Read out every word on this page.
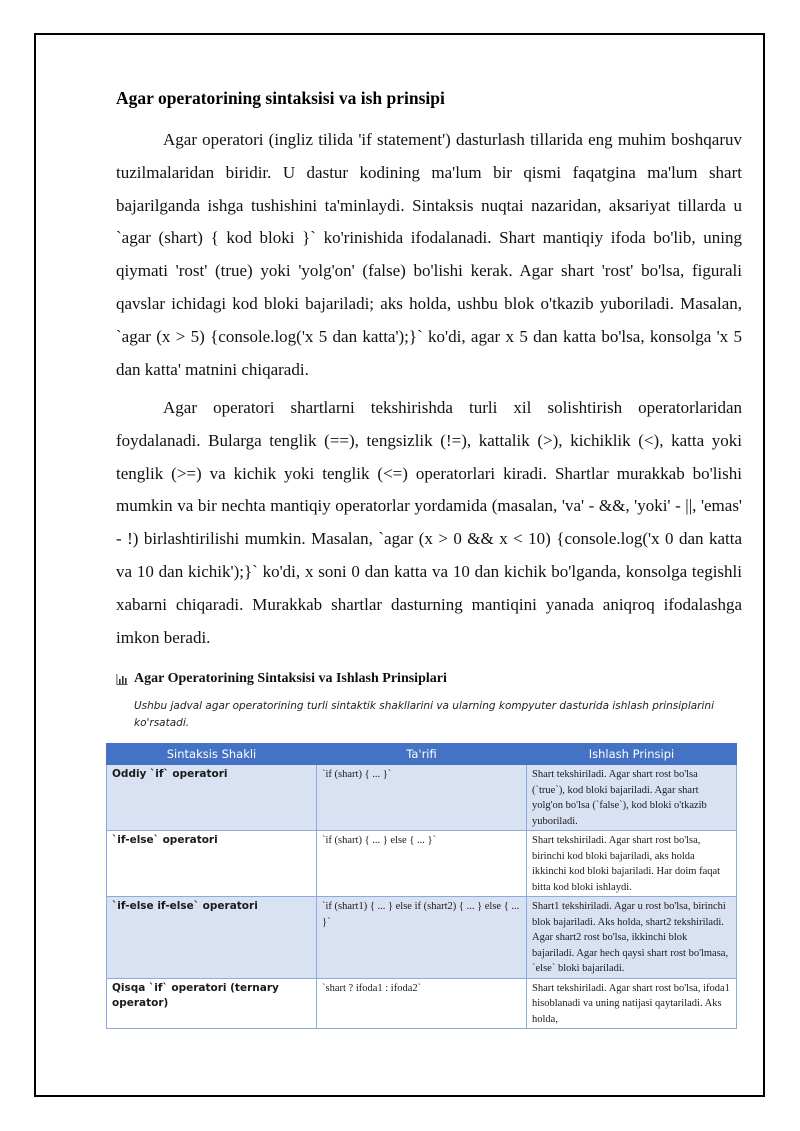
Agar operatorining sintaksisi va ish prinsipi

Agar operatori (ingliz tilida 'if statement') dasturlash tillarida eng muhim boshqaruv tuzilmalaridan biridir. U dastur kodining ma'lum bir qismi faqatgina ma'lum shart bajarilganda ishga tushishini ta'minlaydi. Sintaksis nuqtai nazaridan, aksariyat tillarda u `agar (shart) { kod bloki }` ko'rinishida ifodalanadi. Shart mantiqiy ifoda bo'lib, uning qiymati 'rost' (true) yoki 'yolg'on' (false) bo'lishi kerak. Agar shart 'rost' bo'lsa, figurali qavslar ichidagi kod bloki bajariladi; aks holda, ushbu blok o'tkazib yuboriladi. Masalan, `agar (x > 5) {console.log('x 5 dan katta');}` ko'di, agar x 5 dan katta bo'lsa, konsolga 'x 5 dan katta' matnini chiqaradi.

Agar operatori shartlarni tekshirishda turli xil solishtirish operatorlaridan foydalanadi. Bularga tenglik (==), tengsizlik (!=), kattalik (>), kichiklik (<), katta yoki tenglik (>=) va kichik yoki tenglik (<=) operatorlari kiradi. Shartlar murakkab bo'lishi mumkin va bir nechta mantiqiy operatorlar yordamida (masalan, 'va' - &&, 'yoki' - ||, 'emas' - !) birlashtirilishi mumkin. Masalan, `agar (x > 0 && x < 10) {console.log('x 0 dan katta va 10 dan kichik');}` ko'di, x soni 0 dan katta va 10 dan kichik bo'lganda, konsolga tegishli xabarni chiqaradi. Murakkab shartlar dasturning mantiqini yanada aniqroq ifodalashga imkon beradi.

Agar Operatorining Sintaksisi va Ishlash Prinsiplari

Ushbu jadval agar operatorining turli sintaktik shakllarini va ularning kompyuter dasturida ishlash prinsiplarini ko'rsatadi.

Sintaksis Shakli	Ta'rifi	Ishlash Prinsipi
Oddiy `if` operatori	`if (shart) { ... }`	Shart tekshiriladi. Agar shart rost bo'lsa (`true`), kod bloki bajariladi. Agar shart yolg'on bo'lsa (`false`), kod bloki o'tkazib yuboriladi.
`if-else` operatori	`if (shart) { ... } else { ... }`	Shart tekshiriladi. Agar shart rost bo'lsa, birinchi kod bloki bajariladi, aks holda ikkinchi kod bloki bajariladi. Har doim faqat bitta kod bloki ishlaydi.
`if-else if-else` operatori	`if (shart1) { ... } else if (shart2) { ... } else { ... }`	Shart1 tekshiriladi. Agar u rost bo'lsa, birinchi blok bajariladi. Aks holda, shart2 tekshiriladi. Agar shart2 rost bo'lsa, ikkinchi blok bajariladi. Agar hech qaysi shart rost bo'lmasa, `else` bloki bajariladi.
Qisqa `if` operatori (ternary operator)	`shart ? ifoda1 : ifoda2`	Shart tekshiriladi. Agar shart rost bo'lsa, ifoda1 hisoblanadi va uning natijasi qaytariladi. Aks holda,
